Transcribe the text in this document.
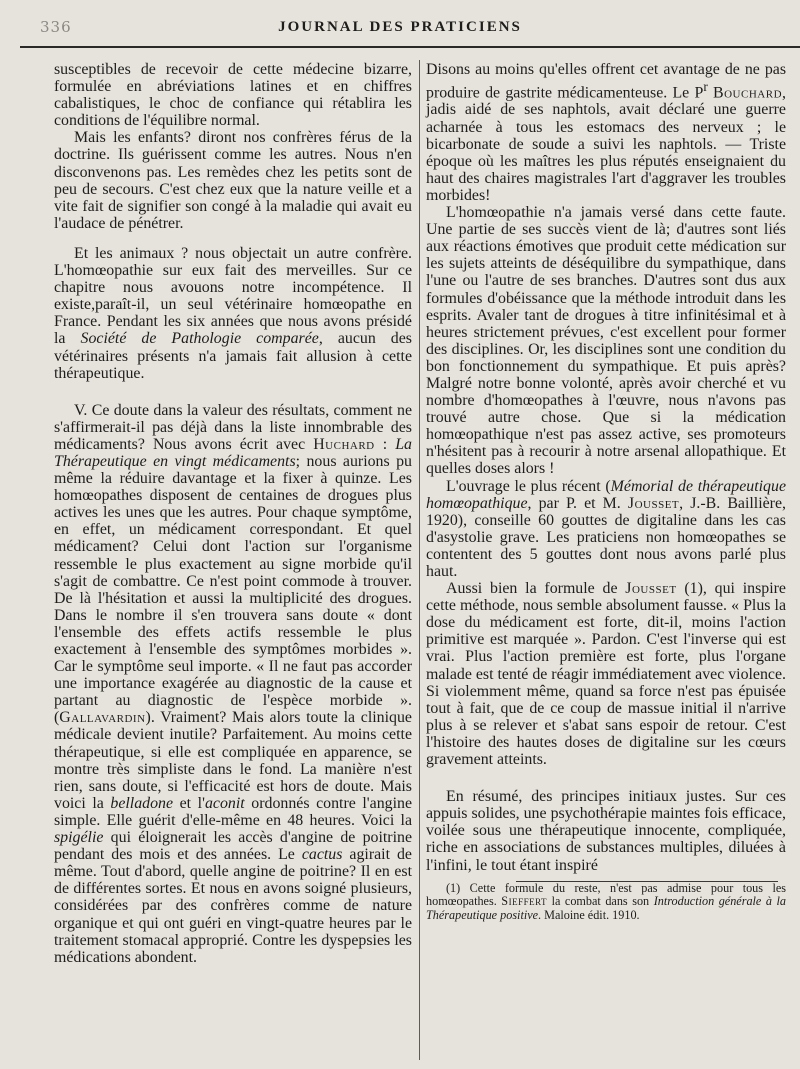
336	JOURNAL DES PRATICIENS

susceptibles de recevoir de cette médecine bizarre, formulée en abréviations latines et en chiffres cabalistiques, le choc de confiance qui rétablira les conditions de l'équilibre normal.

Mais les enfants? diront nos confrères férus de la doctrine. Ils guérissent comme les autres. Nous n'en disconvenons pas. Les remèdes chez les petits sont de peu de secours. C'est chez eux que la nature veille et a vite fait de signifier son congé à la maladie qui avait eu l'audace de pénétrer.

Et les animaux ? nous objectait un autre confrère. L'homœopathie sur eux fait des merveilles. Sur ce chapitre nous avouons notre incompétence. Il existe,paraît-il, un seul vétérinaire homœopathe en France. Pendant les six années que nous avons présidé la Société de Pathologie comparée, aucun des vétérinaires présents n'a jamais fait allusion à cette thérapeutique.

V. Ce doute dans la valeur des résultats, comment ne s'affirmerait-il pas déjà dans la liste innombrable des médicaments? Nous avons écrit avec Huchard : La Thérapeutique en vingt médicaments; nous aurions pu même la réduire davantage et la fixer à quinze. Les homœopathes disposent de centaines de drogues plus actives les unes que les autres. Pour chaque symptôme, en effet, un médicament correspondant. Et quel médicament? Celui dont l'action sur l'organisme ressemble le plus exactement au signe morbide qu'il s'agit de combattre. Ce n'est point commode à trouver. De là l'hésitation et aussi la multiplicité des drogues. Dans le nombre il s'en trouvera sans doute « dont l'ensemble des effets actifs ressemble le plus exactement à l'ensemble des symptômes morbides ». Car le symptôme seul importe. « Il ne faut pas accorder une importance exagérée au diagnostic de la cause et partant au diagnostic de l'espèce morbide ». (Gallavardin). Vraiment? Mais alors toute la clinique médicale devient inutile? Parfaitement. Au moins cette thérapeutique, si elle est compliquée en apparence, se montre très simpliste dans le fond. La manière n'est rien, sans doute, si l'efficacité est hors de doute. Mais voici la belladone et l'aconit ordonnés contre l'angine simple. Elle guérit d'elle-même en 48 heures. Voici la spigélie qui éloignerait les accès d'angine de poitrine pendant des mois et des années. Le cactus agirait de même. Tout d'abord, quelle angine de poitrine? Il en est de différentes sortes. Et nous en avons soigné plusieurs, considérées par des confrères comme de nature organique et qui ont guéri en vingt-quatre heures par le traitement stomacal approprié. Contre les dyspepsies les médications abondent.

Disons au moins qu'elles offrent cet avantage de ne pas produire de gastrite médicamenteuse. Le $P^r$ Bouchard, jadis aidé de ses naphtols, avait déclaré une guerre acharnée à tous les estomacs des nerveux ; le bicarbonate de soude a suivi les naphtols. — Triste époque où les maîtres les plus réputés enseignaient du haut des chaires magistrales l'art d'aggraver les troubles morbides!

L'homœopathie n'a jamais versé dans cette faute. Une partie de ses succès vient de là; d'autres sont liés aux réactions émotives que produit cette médication sur les sujets atteints de déséquilibre du sympathique, dans l'une ou l'autre de ses branches. D'autres sont dus aux formules d'obéissance que la méthode introduit dans les esprits. Avaler tant de drogues à titre infinitésimal et à heures strictement prévues, c'est excellent pour former des disciplines. Or, les disciplines sont une condition du bon fonctionnement du sympathique. Et puis après? Malgré notre bonne volonté, après avoir cherché et vu nombre d'homœopathes à l'œuvre, nous n'avons pas trouvé autre chose. Que si la médication homœopathique n'est pas assez active, ses promoteurs n'hésitent pas à recourir à notre arsenal allopathique. Et quelles doses alors !

L'ouvrage le plus récent (Mémorial de thérapeutique homœopathique, par P. et M. Jousset, J.-B. Baillière, 1920), conseille 60 gouttes de digitaline dans les cas d'asystolie grave. Les praticiens non homœopathes se contentent des 5 gouttes dont nous avons parlé plus haut.

Aussi bien la formule de Jousset (1), qui inspire cette méthode, nous semble absolument fausse. « Plus la dose du médicament est forte, dit-il, moins l'action primitive est marquée ». Pardon. C'est l'inverse qui est vrai. Plus l'action première est forte, plus l'organe malade est tenté de réagir immédiatement avec violence. Si violemment même, quand sa force n'est pas épuisée tout à fait, que de ce coup de massue initial il n'arrive plus à se relever et s'abat sans espoir de retour. C'est l'histoire des hautes doses de digitaline sur les cœurs gravement atteints.

En résumé, des principes initiaux justes. Sur ces appuis solides, une psychothérapie maintes fois efficace, voilée sous une thérapeutique innocente, compliquée, riche en associations de substances multiples, diluées à l'infini, le tout étant inspiré

(1) Cette formule du reste, n'est pas admise pour tous les homœopathes. Sieffert la combat dans son Introduction générale à la Thérapeutique positive. Maloine édit. 1910.
